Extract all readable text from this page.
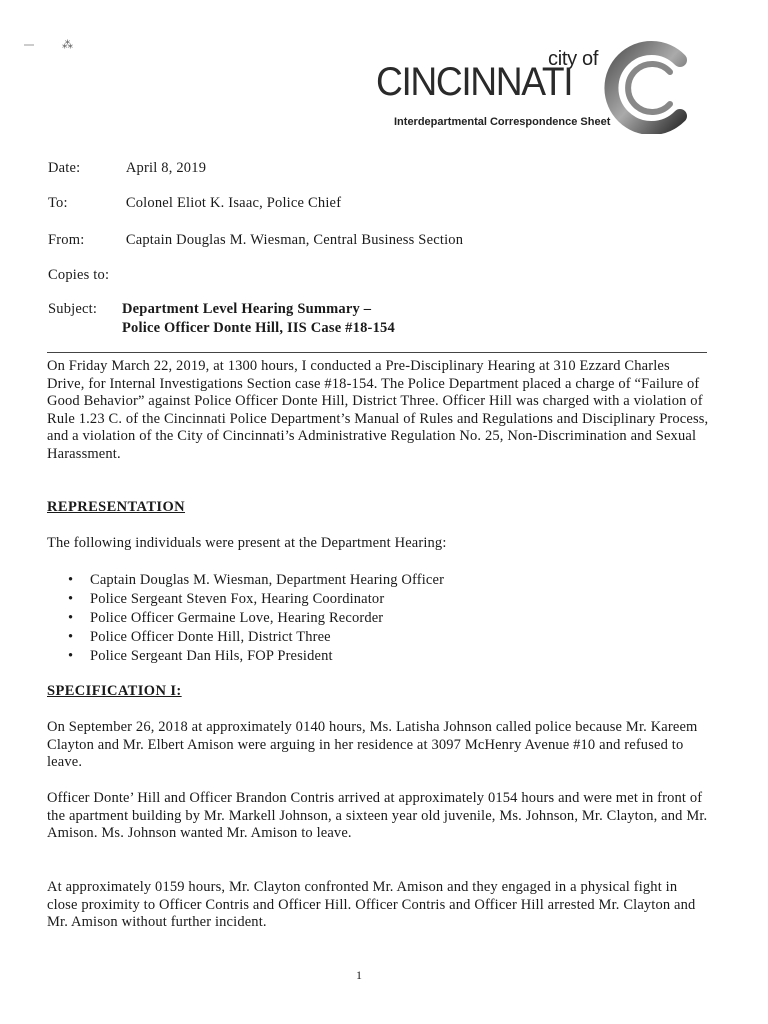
⁂
city of
CINCINNATI
Interdepartmental Correspondence Sheet
Date:	April 8, 2019
To:	Colonel Eliot K. Isaac, Police Chief
From:	Captain Douglas M. Wiesman, Central Business Section
Copies to:
Subject: Department Level Hearing Summary –
Police Officer Donte Hill, IIS Case #18-154

On Friday March 22, 2019, at 1300 hours, I conducted a Pre-Disciplinary Hearing at 310 Ezzard Charles Drive, for Internal Investigations Section case #18-154. The Police Department placed a charge of “Failure of Good Behavior” against Police Officer Donte Hill, District Three. Officer Hill was charged with a violation of Rule 1.23 C. of the Cincinnati Police Department’s Manual of Rules and Regulations and Disciplinary Process, and a violation of the City of Cincinnati’s Administrative Regulation No. 25, Non-Discrimination and Sexual Harassment.

REPRESENTATION

The following individuals were present at the Department Hearing:

• Captain Douglas M. Wiesman, Department Hearing Officer
• Police Sergeant Steven Fox, Hearing Coordinator
• Police Officer Germaine Love, Hearing Recorder
• Police Officer Donte Hill, District Three
• Police Sergeant Dan Hils, FOP President
SPECIFICATION I:

On September 26, 2018 at approximately 0140 hours, Ms. Latisha Johnson called police because Mr. Kareem Clayton and Mr. Elbert Amison were arguing in her residence at 3097 McHenry Avenue #10 and refused to leave.

Officer Donte’ Hill and Officer Brandon Contris arrived at approximately 0154 hours and were met in front of the apartment building by Mr. Markell Johnson, a sixteen year old juvenile, Ms. Johnson, Mr. Clayton, and Mr. Amison. Ms. Johnson wanted Mr. Amison to leave.

At approximately 0159 hours, Mr. Clayton confronted Mr. Amison and they engaged in a physical fight in close proximity to Officer Contris and Officer Hill. Officer Contris and Officer Hill arrested Mr. Clayton and Mr. Amison without further incident.

1
